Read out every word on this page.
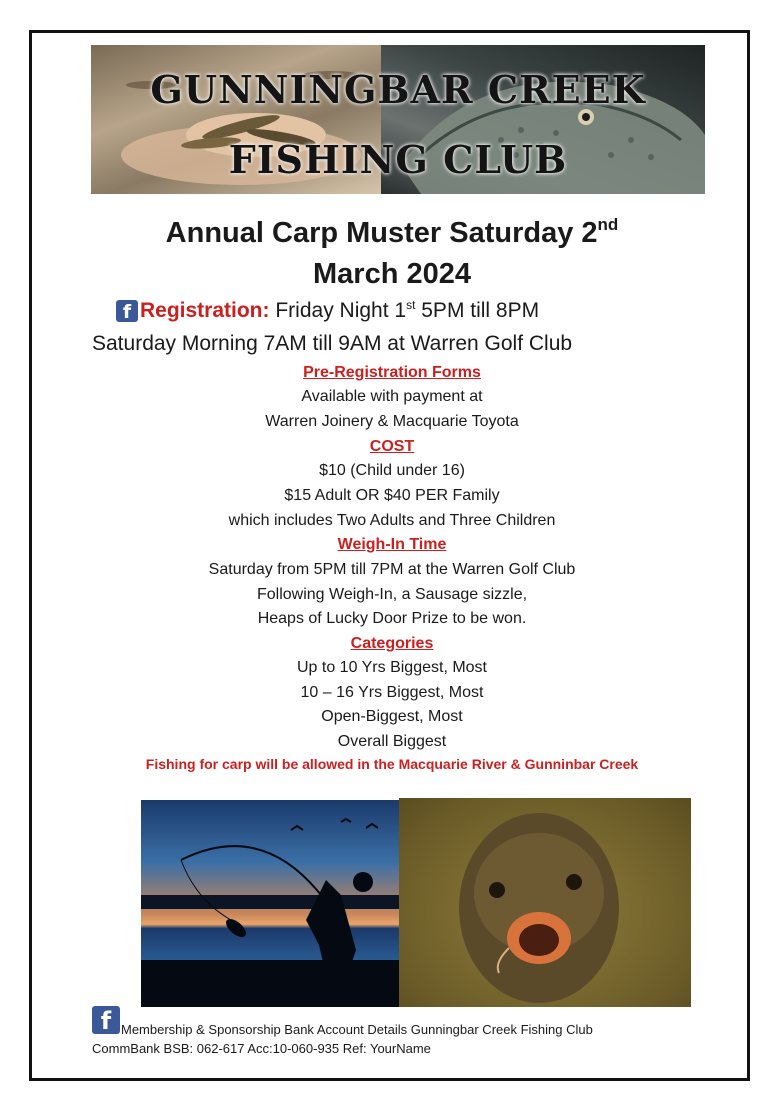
GUNNINGBAR CREEK
FISHING CLUB
Annual Carp Muster Saturday 2nd
March 2024
f Registration: Friday Night 1st 5PM till 8PM
Saturday Morning 7AM till 9AM at Warren Golf Club
Pre-Registration Forms
Available with payment at
Warren Joinery & Macquarie Toyota
COST
$10 (Child under 16)
$15 Adult OR $40 PER Family
which includes Two Adults and Three Children
Weigh-In Time
Saturday from 5PM till 7PM at the Warren Golf Club
Following Weigh-In, a Sausage sizzle,
Heaps of Lucky Door Prize to be won.
Categories
Up to 10 Yrs Biggest, Most
10 – 16 Yrs Biggest, Most
Open-Biggest, Most
Overall Biggest
Fishing for carp will be allowed in the Macquarie River & Gunninbar Creek
f Membership & Sponsorship Bank Account Details Gunningbar Creek Fishing Club
CommBank BSB: 062-617 Acc:10-060-935 Ref: YourName
